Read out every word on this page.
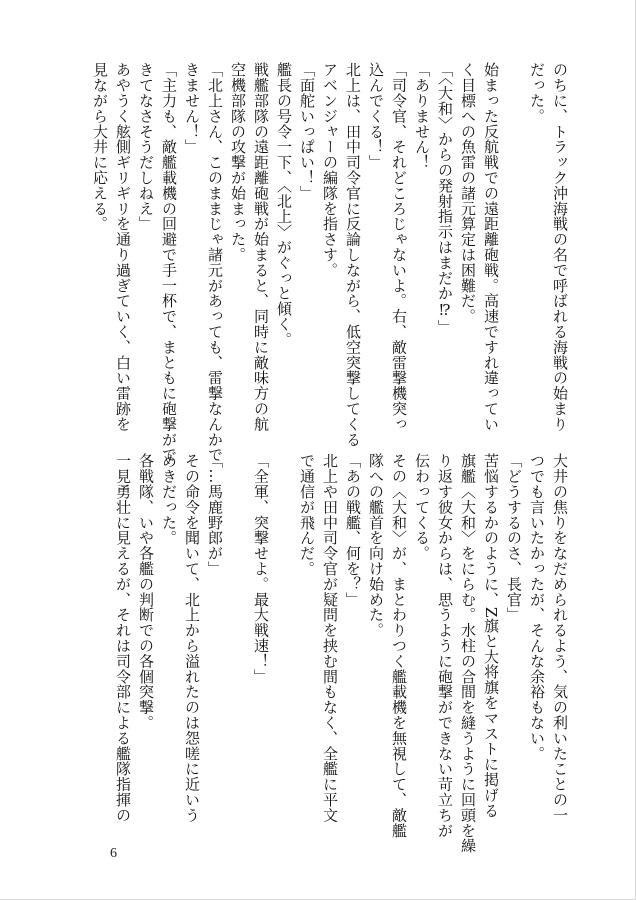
のちに、トラック沖海戦の名で呼ばれる海戦の始まり
だった。

始まった反航戦での遠距離砲戦。高速ですれ違ってい
く目標への魚雷の諸元算定は困難だ。
「〈大和〉からの発射指示はまだか⁉」
「ありません！
「司令官、それどころじゃないよ。右、敵雷撃機突っ込んでくる！」
北上は、田中司令官に反論しながら、低空突撃してくる
アベンジャーの編隊を指さす。
「面舵いっぱい！」
艦長の号令一下、〈北上〉がぐっと傾く。
戦艦部隊の遠距離砲戦が始まると、同時に敵味方の航
空機部隊の攻撃が始まった。
「北上さん、このままじゃ諸元があっても、雷撃なんかで
きません！」
「主力も、敵艦載機の回避で手一杯で、まともに砲撃がで
きてなさそうだしねえ」
あやうく舷側ギリギリを通り過ぎていく、白い雷跡を
見ながら大井に応える。
大井の焦りをなだめられるよう、気の利いたことの一
つでも言いたかったが、そんな余裕もない。
「どうするのさ、長官」
苦悩するかのように、Z旗と大将旗をマストに掲げる
旗艦〈大和〉をにらむ。水柱の合間を縫うように回頭を繰
り返す彼女からは、思うように砲撃ができない苛立ちが
伝わってくる。
その〈大和〉が、まとわりつく艦載機を無視して、敵艦
隊への艦首を向け始めた。
「あの戦艦、何を？」
北上や田中司令官が疑問を挟む間もなく、全艦に平文
で通信が飛んだ。

「全軍、突撃せよ。最大戦速！」

「…馬鹿野郎が」
その命令を聞いて、北上から溢れたのは怨嗟に近いう
めきだった。
各戦隊、いや各艦の判断での各個突撃。
一見勇壮に見えるが、それは司令部による艦隊指揮の
6
